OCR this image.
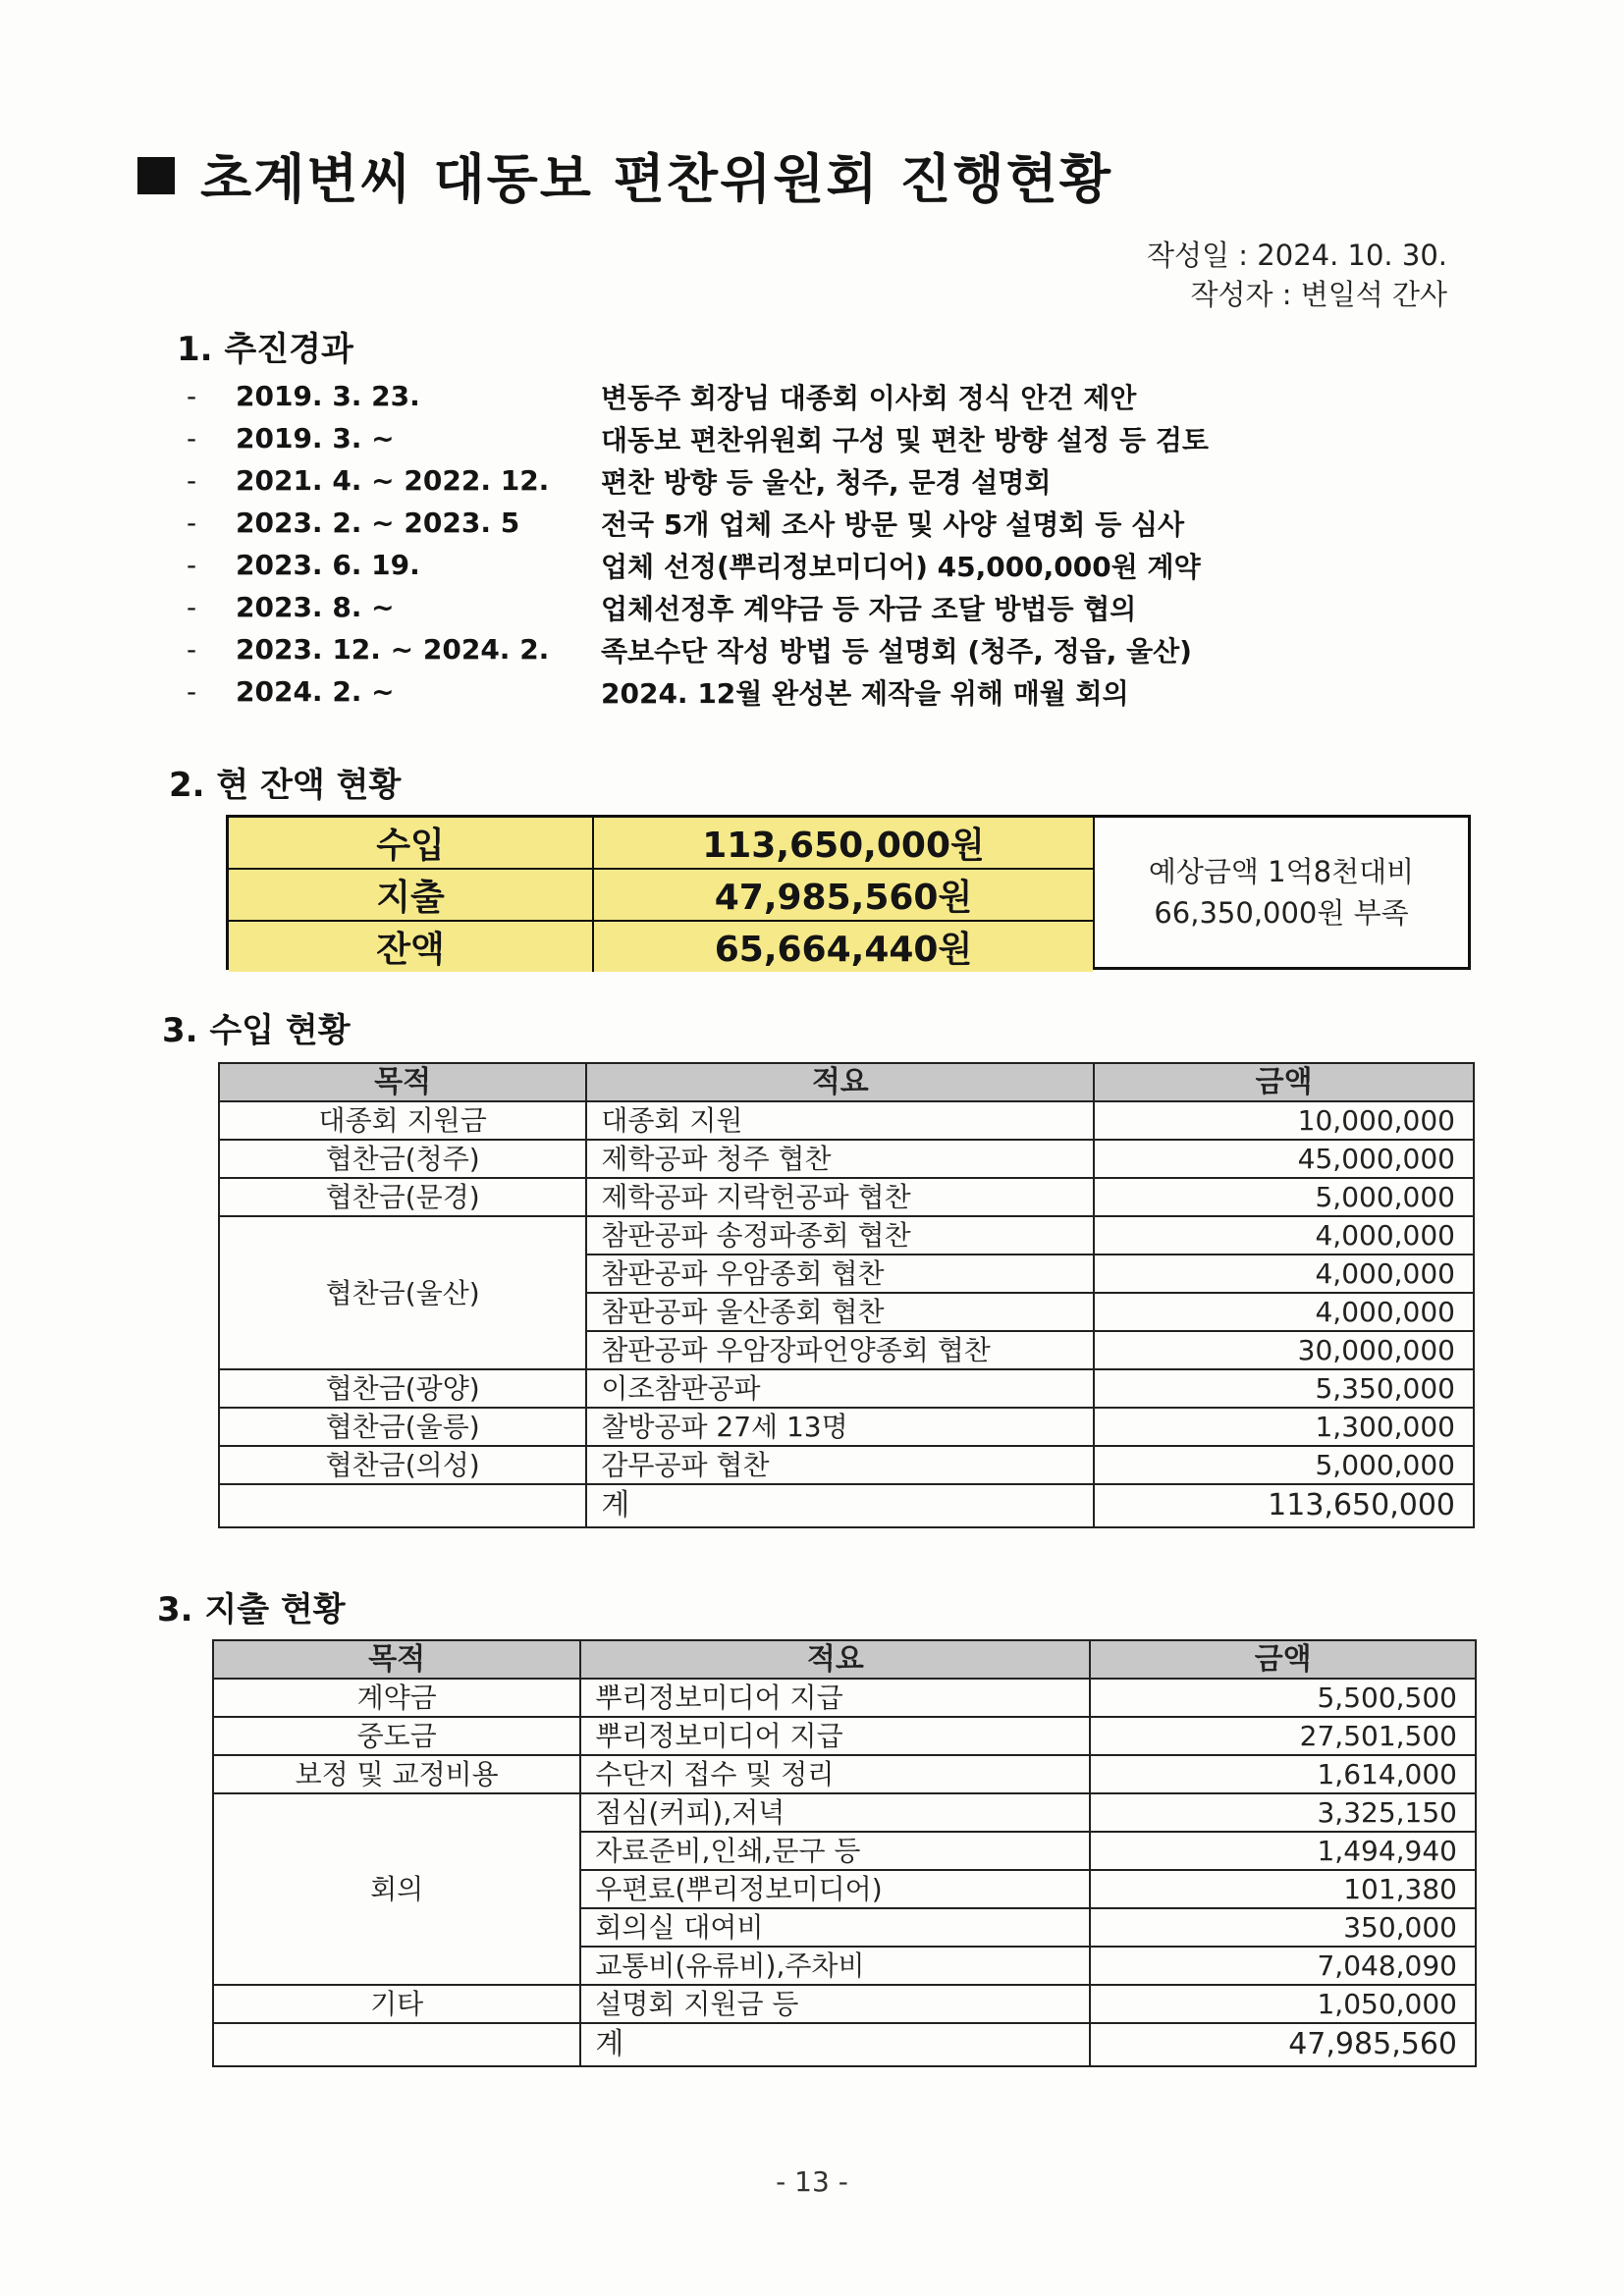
초계변씨 대동보 편찬위원회 진행현황
작성일 : 2024. 10. 30.
작성자 : 변일석 간사
1. 추진경과
-	2019. 3. 23.	변동주 회장님 대종회 이사회 정식 안건 제안
-	2019. 3. ~	대동보 편찬위원회 구성 및 편찬 방향 설정 등 검토
-	2021. 4. ~ 2022. 12.	편찬 방향 등 울산, 청주, 문경 설명회
-	2023. 2. ~ 2023. 5	전국 5개 업체 조사 방문 및 사양 설명회 등 심사
-	2023. 6. 19.	업체 선정(뿌리정보미디어) 45,000,000원 계약
-	2023. 8. ~	업체선정후 계약금 등 자금 조달 방법등 협의
-	2023. 12. ~ 2024. 2.	족보수단 작성 방법 등 설명회 (청주, 정읍, 울산)
-	2024. 2. ~	2024. 12월 완성본 제작을 위해 매월 회의
2. 현 잔액 현황
수입	113,650,000원
지출	47,985,560원
잔액	65,664,440원
예상금액 1억8천대비
66,350,000원 부족
3. 수입 현황
목적	적요	금액
대종회 지원금	대종회 지원	10,000,000
협찬금(청주)	제학공파 청주 협찬	45,000,000
협찬금(문경)	제학공파 지락헌공파 협찬	5,000,000
협찬금(울산)	참판공파 송정파종회 협찬	4,000,000
	참판공파 우암종회 협찬	4,000,000
	참판공파 울산종회 협찬	4,000,000
	참판공파 우암장파언양종회 협찬	30,000,000
협찬금(광양)	이조참판공파	5,350,000
협찬금(울릉)	찰방공파 27세 13명	1,300,000
협찬금(의성)	감무공파 협찬	5,000,000
	계	113,650,000
3. 지출 현황
목적	적요	금액
계약금	뿌리정보미디어 지급	5,500,500
중도금	뿌리정보미디어 지급	27,501,500
보정 및 교정비용	수단지 접수 및 정리	1,614,000
회의	점심(커피),저녁	3,325,150
	자료준비,인쇄,문구 등	1,494,940
	우편료(뿌리정보미디어)	101,380
	회의실 대여비	350,000
	교통비(유류비),주차비	7,048,090
기타	설명회 지원금 등	1,050,000
	계	47,985,560
- 13 -
